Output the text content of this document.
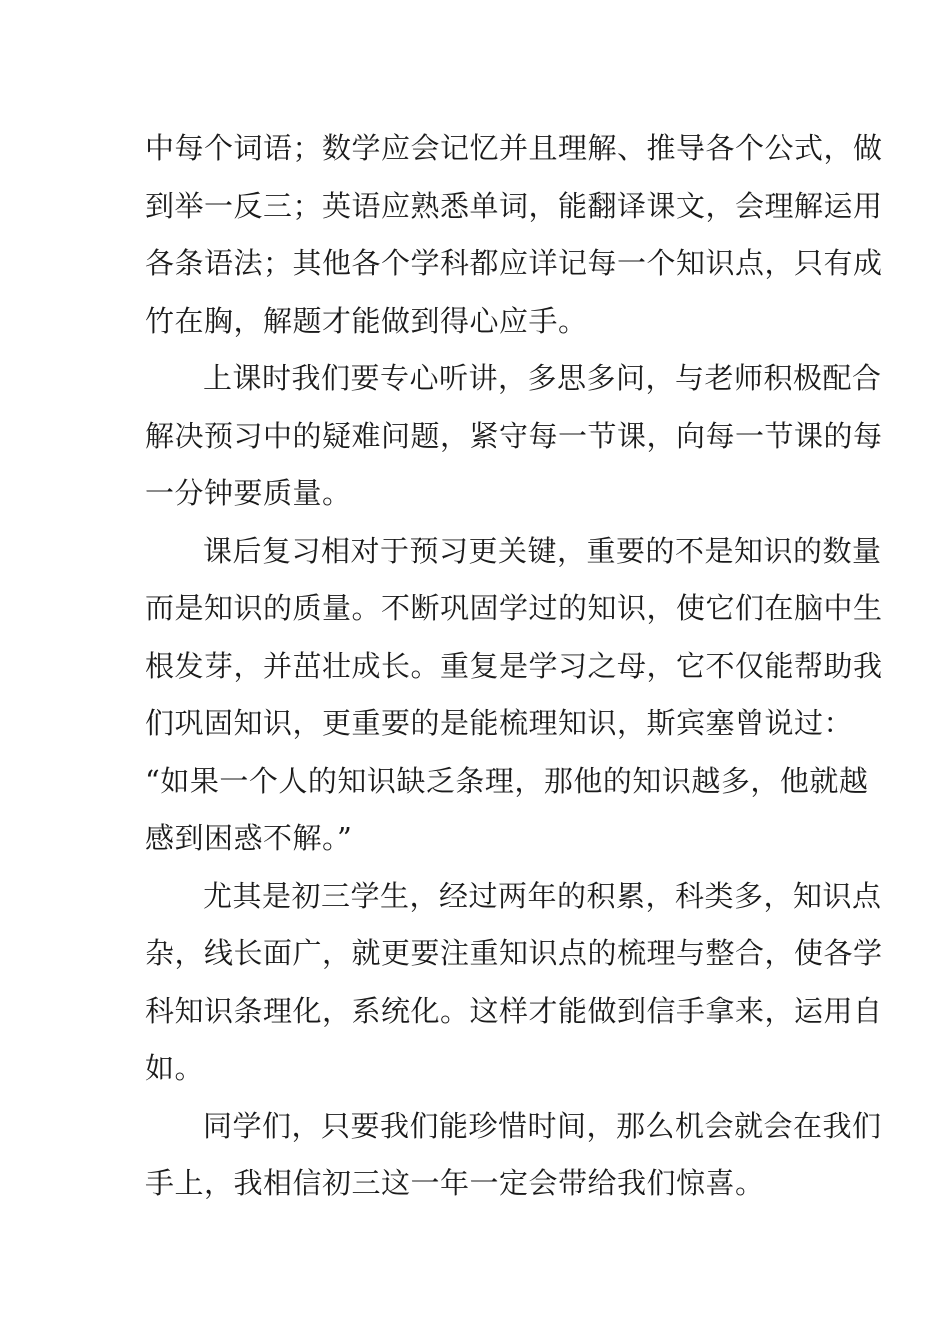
中每个词语；数学应会记忆并且理解、推导各个公式，做
到举一反三；英语应熟悉单词，能翻译课文，会理解运用
各条语法；其他各个学科都应详记每一个知识点，只有成
竹在胸，解题才能做到得心应手。

上课时我们要专心听讲，多思多问，与老师积极配合
解决预习中的疑难问题，紧守每一节课，向每一节课的每
一分钟要质量。

课后复习相对于预习更关键，重要的不是知识的数量
而是知识的质量。不断巩固学过的知识，使它们在脑中生
根发芽，并茁壮成长。重复是学习之母，它不仅能帮助我
们巩固知识，更重要的是能梳理知识，斯宾塞曾说过：
“如果一个人的知识缺乏条理，那他的知识越多，他就越
感到困惑不解。”

尤其是初三学生，经过两年的积累，科类多，知识点
杂，线长面广，就更要注重知识点的梳理与整合，使各学
科知识条理化，系统化。这样才能做到信手拿来，运用自
如。

同学们，只要我们能珍惜时间，那么机会就会在我们
手上，我相信初三这一年一定会带给我们惊喜。
